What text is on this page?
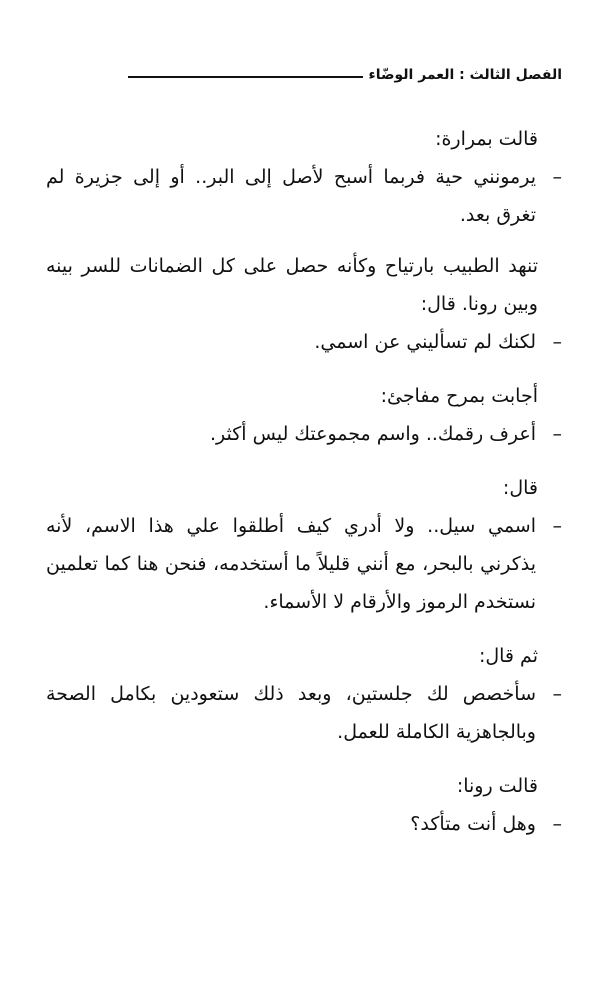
الفصل الثالث : العمر الوضّاء

قالت بمرارة:

–
يرمونني حية فربما أسبح لأصل إلى البر.. أو إلى جزيرة لم تغرق بعد.

تنهد الطبيب بارتياح وكأنه حصل على كل الضمانات للسر بينه وبين رونا. قال:

–
لكنك لم تسأليني عن اسمي.

أجابت بمرح مفاجئ:

–
أعرف رقمك.. واسم مجموعتك ليس أكثر.

قال:

–
اسمي سيل.. ولا أدري كيف أطلقوا علي هذا الاسم، لأنه يذكرني بالبحر، مع أنني قليلاً ما أستخدمه، فنحن هنا كما تعلمين نستخدم الرموز والأرقام لا الأسماء.

ثم قال:

–
سأخصص لك جلستين، وبعد ذلك ستعودين بكامل الصحة وبالجاهزية الكاملة للعمل.

قالت رونا:

–
وهل أنت متأكد؟
